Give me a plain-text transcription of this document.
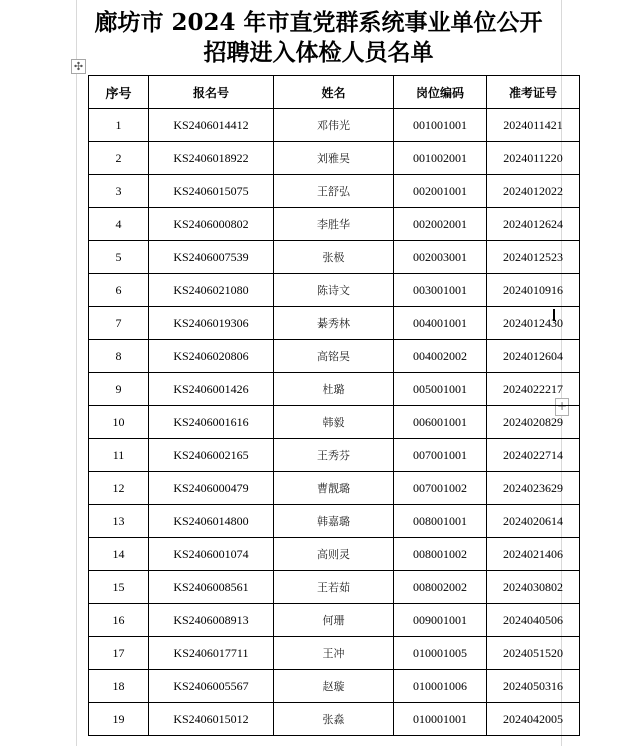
廊坊市 2024 年市直党群系统事业单位公开
招聘进入体检人员名单
✣
+
序号	报名号	姓名	岗位编码	准考证号
1	KS2406014412	邓伟光	001001001	2024011421
2	KS2406018922	刘雅昊	001002001	2024011220
3	KS2406015075	王舒弘	002001001	2024012022
4	KS2406000802	李胜华	002002001	2024012624
5	KS2406007539	张极	002003001	2024012523
6	KS2406021080	陈诗文	003001001	2024010916
7	KS2406019306	綦秀林	004001001	2024012430
8	KS2406020806	高铭昊	004002002	2024012604
9	KS2406001426	杜璐	005001001	2024022217
10	KS2406001616	韩毅	006001001	2024020829
11	KS2406002165	王秀芬	007001001	2024022714
12	KS2406000479	曹靓璐	007001002	2024023629
13	KS2406014800	韩嘉璐	008001001	2024020614
14	KS2406001074	高则灵	008001002	2024021406
15	KS2406008561	王若茹	008002002	2024030802
16	KS2406008913	何珊	009001001	2024040506
17	KS2406017711	王冲	010001005	2024051520
18	KS2406005567	赵璇	010001006	2024050316
19	KS2406015012	张淼	010001001	2024042005
